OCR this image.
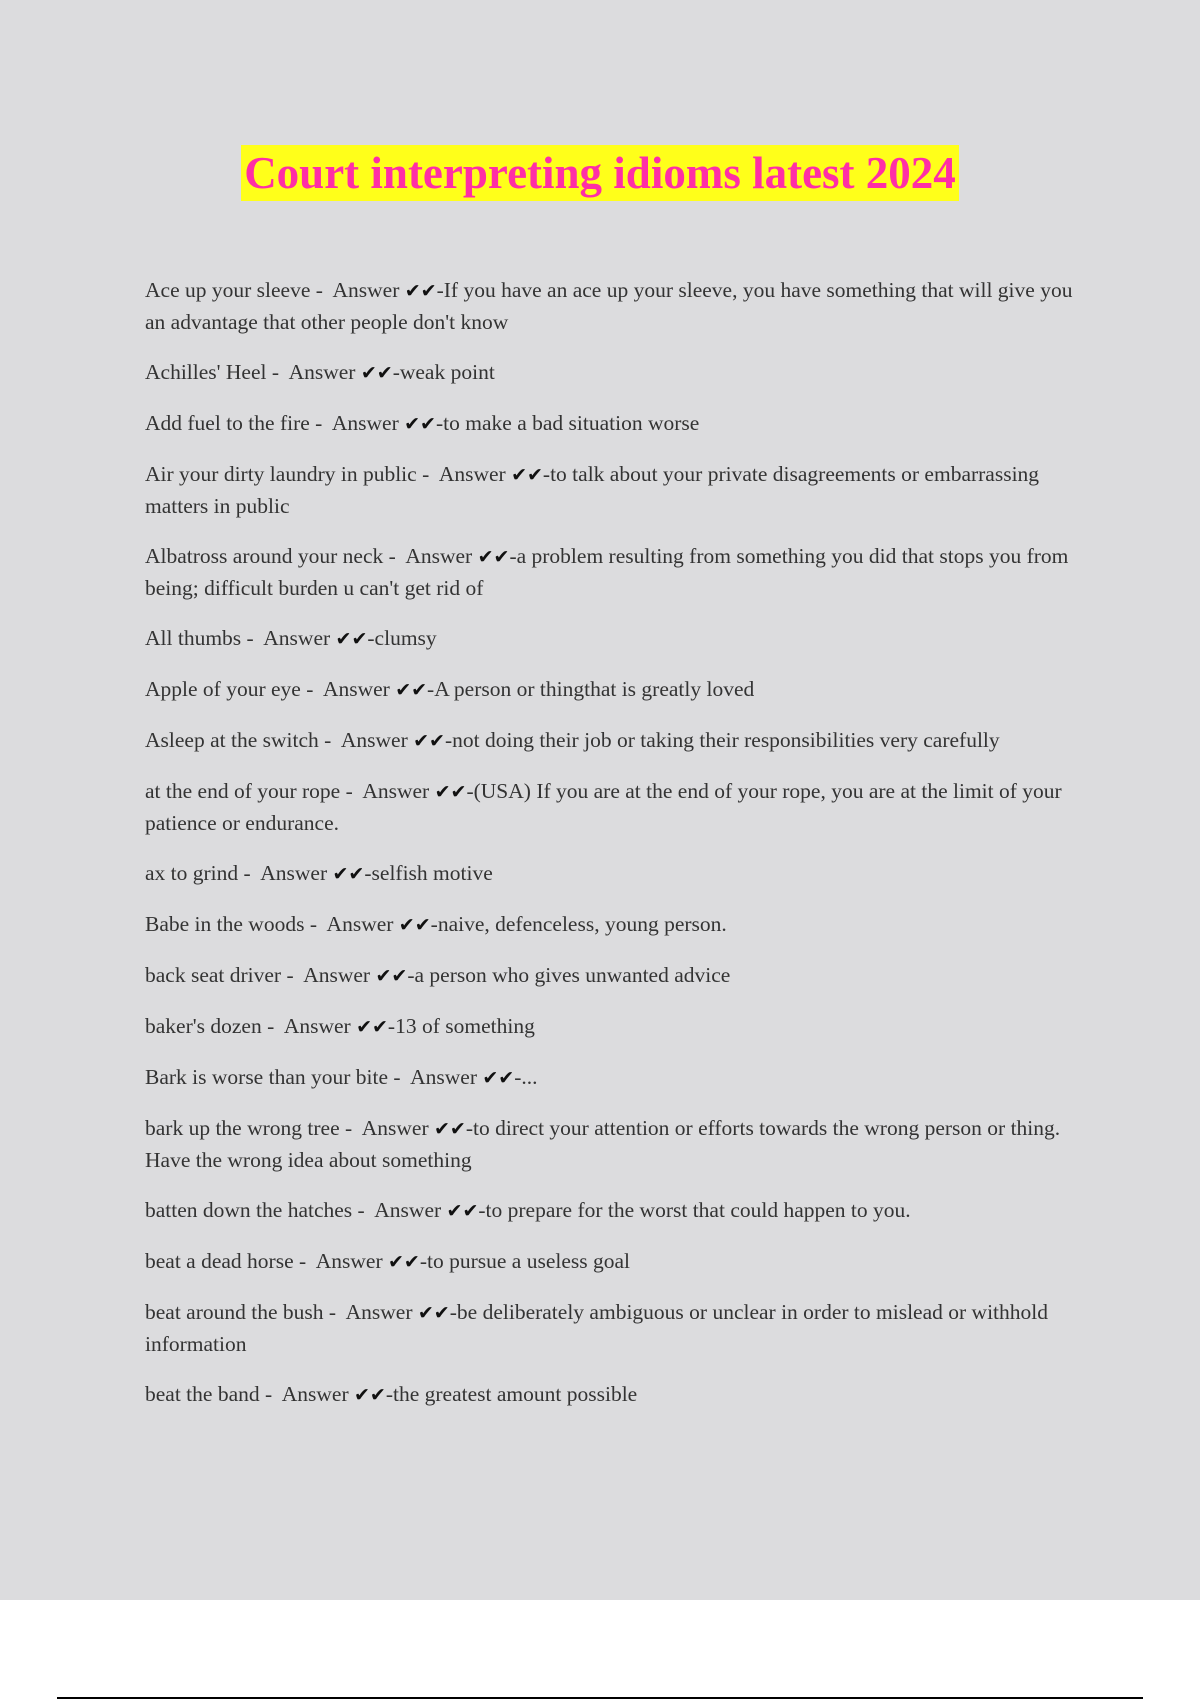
Court interpreting idioms latest 2024

Ace up your sleeve -  Answer ✔✔-If you have an ace up your sleeve, you have something that will give you an advantage that other people don't know

Achilles' Heel -  Answer ✔✔-weak point

Add fuel to the fire -  Answer ✔✔-to make a bad situation worse

Air your dirty laundry in public -  Answer ✔✔-to talk about your private disagreements or embarrassing matters in public

Albatross around your neck -  Answer ✔✔-a problem resulting from something you did that stops you from being; difficult burden u can't get rid of

All thumbs -  Answer ✔✔-clumsy

Apple of your eye -  Answer ✔✔-A person or thingthat is greatly loved

Asleep at the switch -  Answer ✔✔-not doing their job or taking their responsibilities very carefully

at the end of your rope -  Answer ✔✔-(USA) If you are at the end of your rope, you are at the limit of your patience or endurance.

ax to grind -  Answer ✔✔-selfish motive

Babe in the woods -  Answer ✔✔-naive, defenceless, young person.

back seat driver -  Answer ✔✔-a person who gives unwanted advice

baker's dozen -  Answer ✔✔-13 of something

Bark is worse than your bite -  Answer ✔✔-...

bark up the wrong tree -  Answer ✔✔-to direct your attention or efforts towards the wrong person or thing. Have the wrong idea about something

batten down the hatches -  Answer ✔✔-to prepare for the worst that could happen to you.

beat a dead horse -  Answer ✔✔-to pursue a useless goal

beat around the bush -  Answer ✔✔-be deliberately ambiguous or unclear in order to mislead or withhold information

beat the band -  Answer ✔✔-the greatest amount possible
